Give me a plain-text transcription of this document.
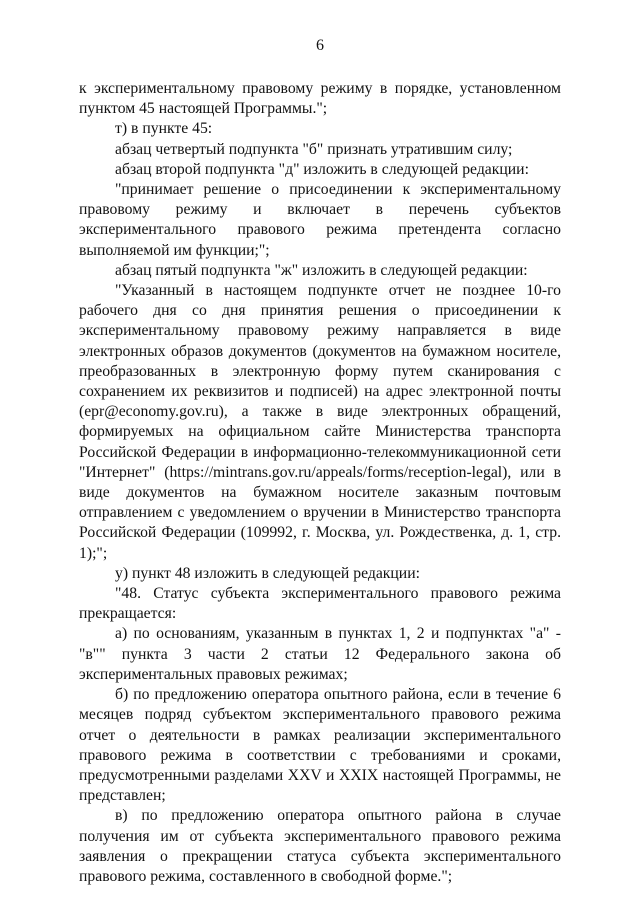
6

к экспериментальному правовому режиму в порядке, установленном пунктом 45 настоящей Программы.";

т) в пункте 45:

абзац четвертый подпункта "б" признать утратившим силу;

абзац второй подпункта "д" изложить в следующей редакции:

"принимает решение о присоединении к экспериментальному правовому режиму и включает в перечень субъектов экспериментального правового режима претендента согласно выполняемой им функции;";

абзац пятый подпункта "ж" изложить в следующей редакции:

"Указанный в настоящем подпункте отчет не позднее 10-го рабочего дня со дня принятия решения о присоединении к экспериментальному правовому режиму направляется в виде электронных образов документов (документов на бумажном носителе, преобразованных в электронную форму путем сканирования с сохранением их реквизитов и подписей) на адрес электронной почты (epr@economy.gov.ru), а также в виде электронных обращений, формируемых на официальном сайте Министерства транспорта Российской Федерации в информационно-телекоммуникационной сети "Интернет" (https://mintrans.gov.ru/appeals/forms/reception-legal), или в виде документов на бумажном носителе заказным почтовым отправлением с уведомлением о вручении в Министерство транспорта Российской Федерации (109992, г. Москва, ул. Рождественка, д. 1, стр. 1);";

у) пункт 48 изложить в следующей редакции:

"48. Статус субъекта экспериментального правового режима прекращается:

а) по основаниям, указанным в пунктах 1, 2 и подпунктах "а" - "в"" пункта 3 части 2 статьи 12 Федерального закона об экспериментальных правовых режимах;

б) по предложению оператора опытного района, если в течение 6 месяцев подряд субъектом экспериментального правового режима отчет о деятельности в рамках реализации экспериментального правового режима в соответствии с требованиями и сроками, предусмотренными разделами XXV и XXIX настоящей Программы, не представлен;

в) по предложению оператора опытного района в случае получения им от субъекта экспериментального правового режима заявления о прекращении статуса субъекта экспериментального правового режима, составленного в свободной форме.";
